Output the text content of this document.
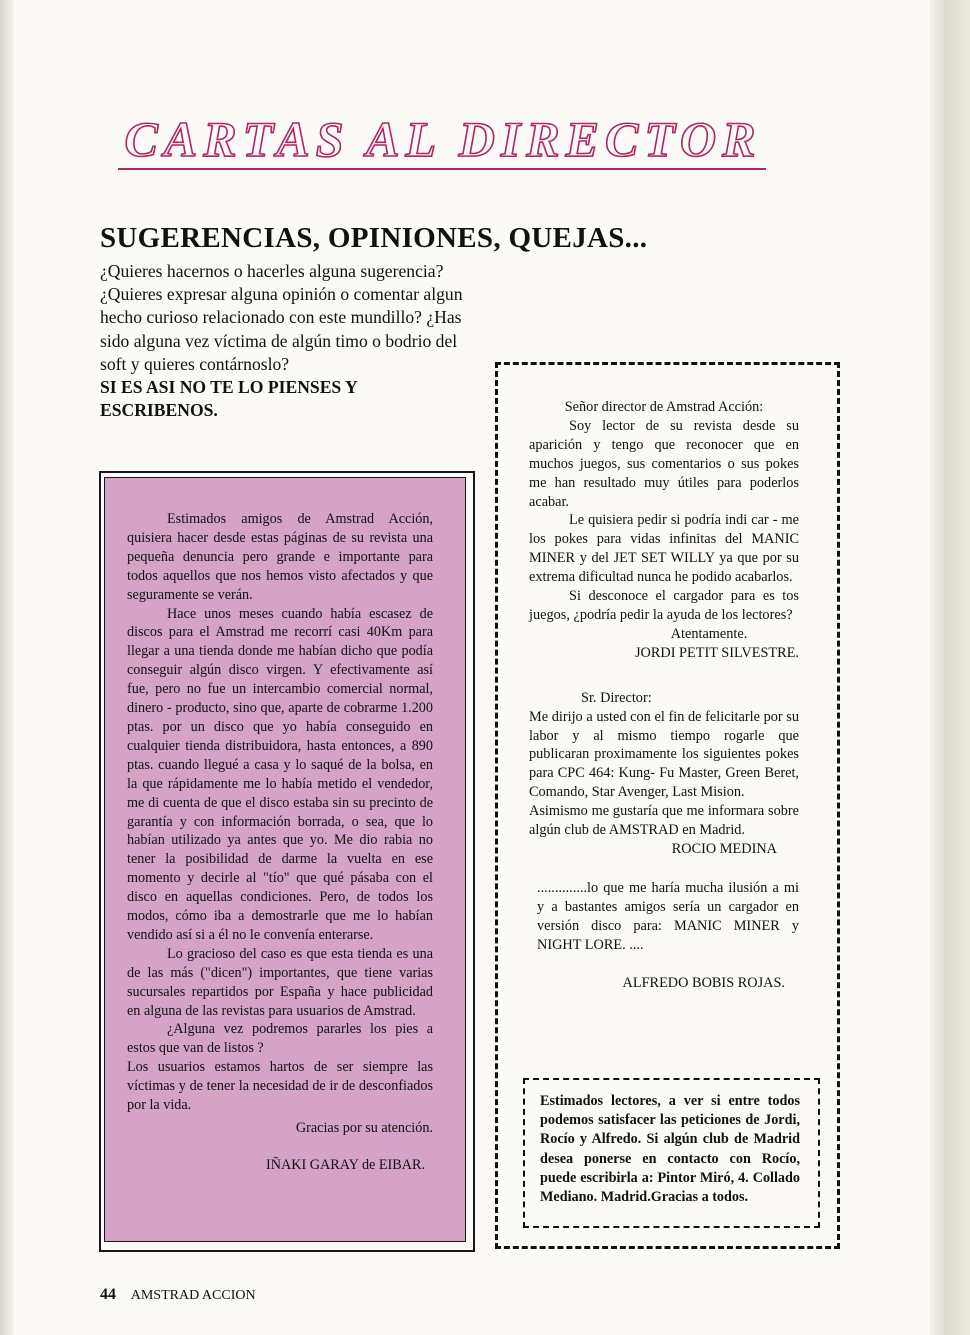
CARTAS AL DIRECTOR
SUGERENCIAS, OPINIONES, QUEJAS...

¿Quieres hacernos o hacerles alguna sugerencia?¿Quieres expresar alguna opinión o comentar algun hecho curioso relacionado con este mundillo? ¿Has sido alguna vez víctima de algún timo o bodrio del soft y quieres contárnoslo?

SI ES ASI NO TE LO PIENSES Y ESCRIBENOS.

Estimados amigos de Amstrad Acción, quisiera hacer desde estas páginas de su revista una pequeña denuncia pero grande e importante para todos aquellos que nos hemos visto afectados y que seguramente se verán.

Hace unos meses cuando había escasez de discos para el Amstrad me recorrí casi 40Km para llegar a una tienda donde me habían dicho que podía conseguir algún disco virgen. Y efectivamente así fue, pero no fue un intercambio comercial normal, dinero - producto, sino que, aparte de cobrarme 1.200 ptas. por un disco que yo había conseguido en cualquier tienda distribuidora, hasta entonces, a 890 ptas. cuando llegué a casa y lo saqué de la bolsa, en la que rápidamente me lo había metido el vendedor, me di cuenta de que el disco estaba sin su precinto de garantía y con información borrada, o sea, que lo habían utilizado ya antes que yo. Me dio rabia no tener la posibilidad de darme la vuelta en ese momento y decirle al "tío" que qué pásaba con el disco en aquellas condiciones. Pero, de todos los modos, cómo iba a demostrarle que me lo habían vendido así si a él no le convenía enterarse.

Lo gracioso del caso es que esta tienda es una de las más ("dicen") importantes, que tiene varias sucursales repartidos por España y hace publicidad en alguna de las revistas para usuarios de Amstrad.

¿Alguna vez podremos pararles los pies a estos que van de listos ?

Los usuarios estamos hartos de ser siempre las víctimas y de tener la necesidad de ir de desconfiados por la vida.

Gracias por su atención.

IÑAKI GARAY de EIBAR.

Señor director de Amstrad Acción:

Soy lector de su revista desde su aparición y tengo que reconocer que en muchos juegos, sus comentarios o sus pokes me han resultado muy útiles para poderlos acabar.

Le quisiera pedir si podría indi car - me los pokes para vidas infinitas del MANIC MINER y del JET SET WILLY ya que por su extrema dificultad nunca he podido acabarlos.

Si desconoce el cargador para es tos juegos, ¿podría pedir la ayuda de los lectores?

Atentamente.

JORDI PETIT SILVESTRE.

Sr. Director:

Me dirijo a usted con el fin de felicitarle por su labor y al mismo tiempo rogarle que publicaran proximamente los siguientes pokes para CPC 464: Kung- Fu Master, Green Beret, Comando, Star Avenger, Last Mision.

Asimismo me gustaría que me informara sobre algún club de AMSTRAD en Madrid.

ROCIO MEDINA

..............lo que me haría mucha ilusión a mi y a bastantes amigos sería un cargador en versión disco para: MANIC MINER y NIGHT LORE. ....

ALFREDO BOBIS ROJAS.

Estimados lectores, a ver si entre todos podemos satisfacer las peticiones de Jordi, Rocío y Alfredo. Si algún club de Madrid desea ponerse en contacto con Rocío, puede escribirla a: Pintor Miró, 4. Collado Mediano. Madrid.Gracias a todos.
44 AMSTRAD ACCION
